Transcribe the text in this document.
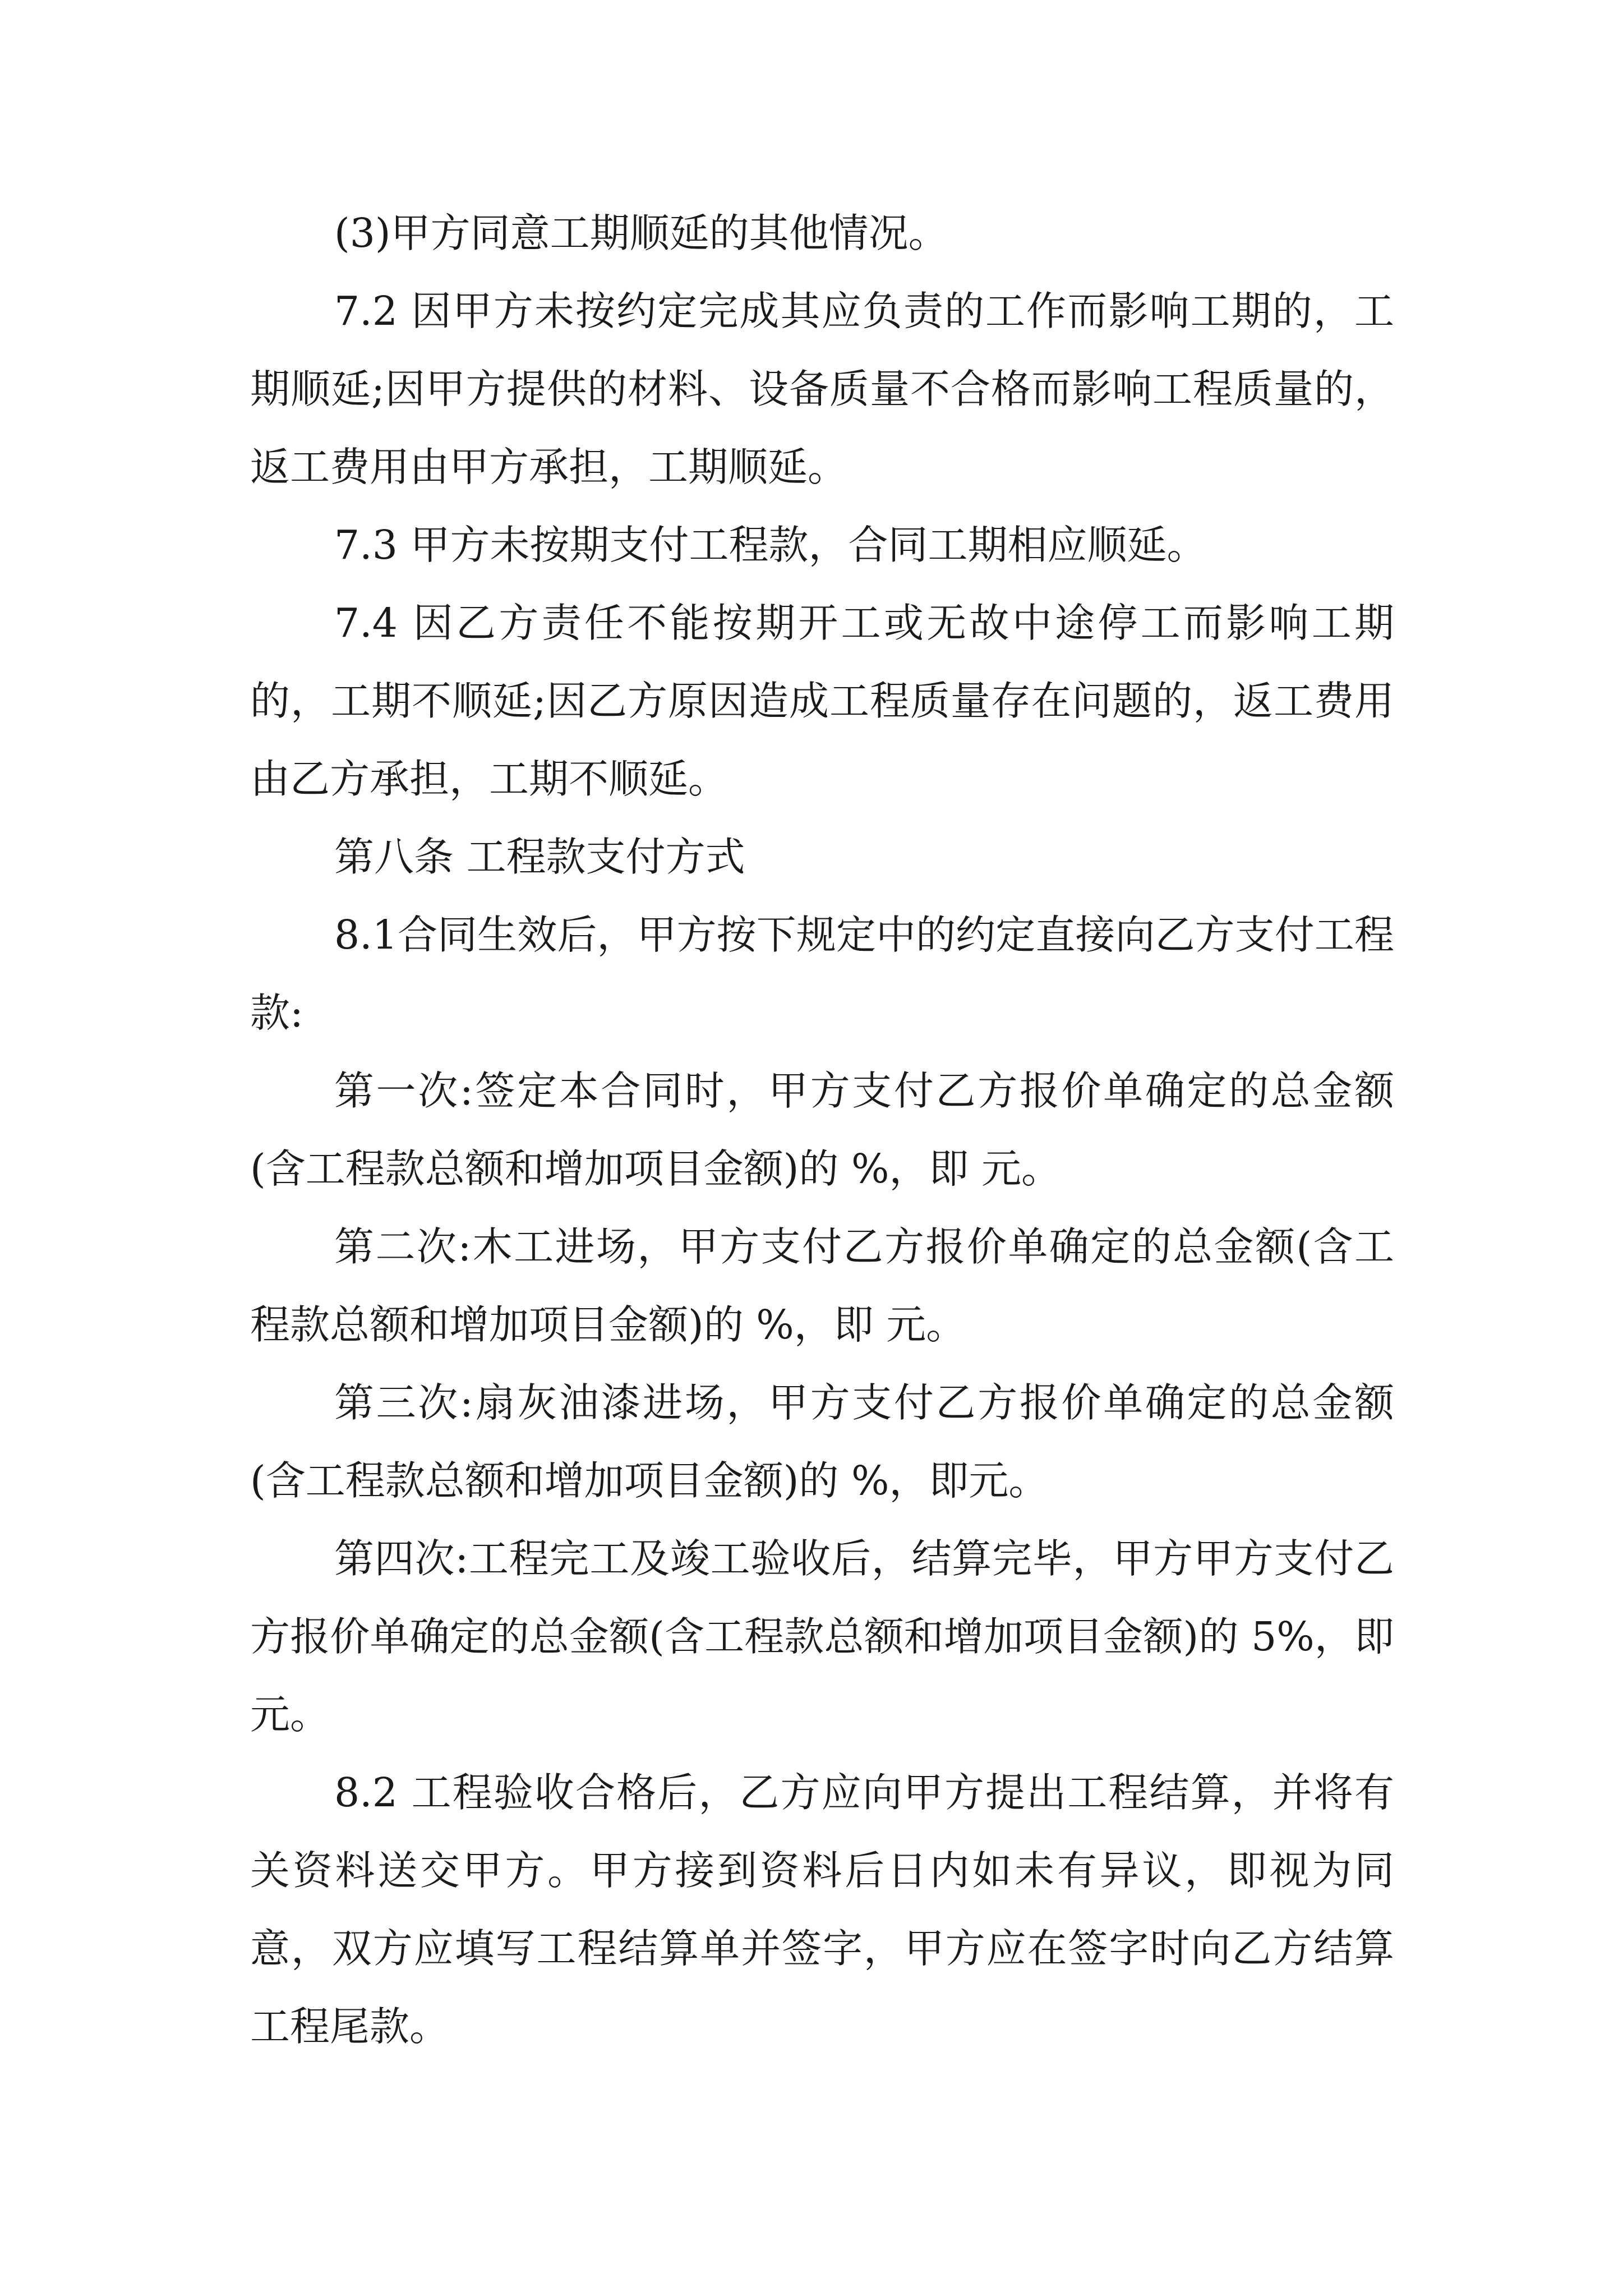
(3)甲方同意工期顺延的其他情况。

7.2 因甲方未按约定完成其应负责的工作而影响工期的，工期顺延;因甲方提供的材料、设备质量不合格而影响工程质量的，返工费用由甲方承担，工期顺延。

7.3 甲方未按期支付工程款，合同工期相应顺延。

7.4 因乙方责任不能按期开工或无故中途停工而影响工期的，工期不顺延;因乙方原因造成工程质量存在问题的，返工费用由乙方承担，工期不顺延。

第八条 工程款支付方式

8.1合同生效后，甲方按下规定中的约定直接向乙方支付工程款:

第一次:签定本合同时，甲方支付乙方报价单确定的总金额(含工程款总额和增加项目金额)的 %，即 元。

第二次:木工进场，甲方支付乙方报价单确定的总金额(含工程款总额和增加项目金额)的 %，即 元。

第三次:扇灰油漆进场，甲方支付乙方报价单确定的总金额(含工程款总额和增加项目金额)的 %，即元。

第四次:工程完工及竣工验收后，结算完毕，甲方甲方支付乙方报价单确定的总金额(含工程款总额和增加项目金额)的 5%，即元。

8.2 工程验收合格后，乙方应向甲方提出工程结算，并将有关资料送交甲方。甲方接到资料后日内如未有异议，即视为同意，双方应填写工程结算单并签字，甲方应在签字时向乙方结算工程尾款。
